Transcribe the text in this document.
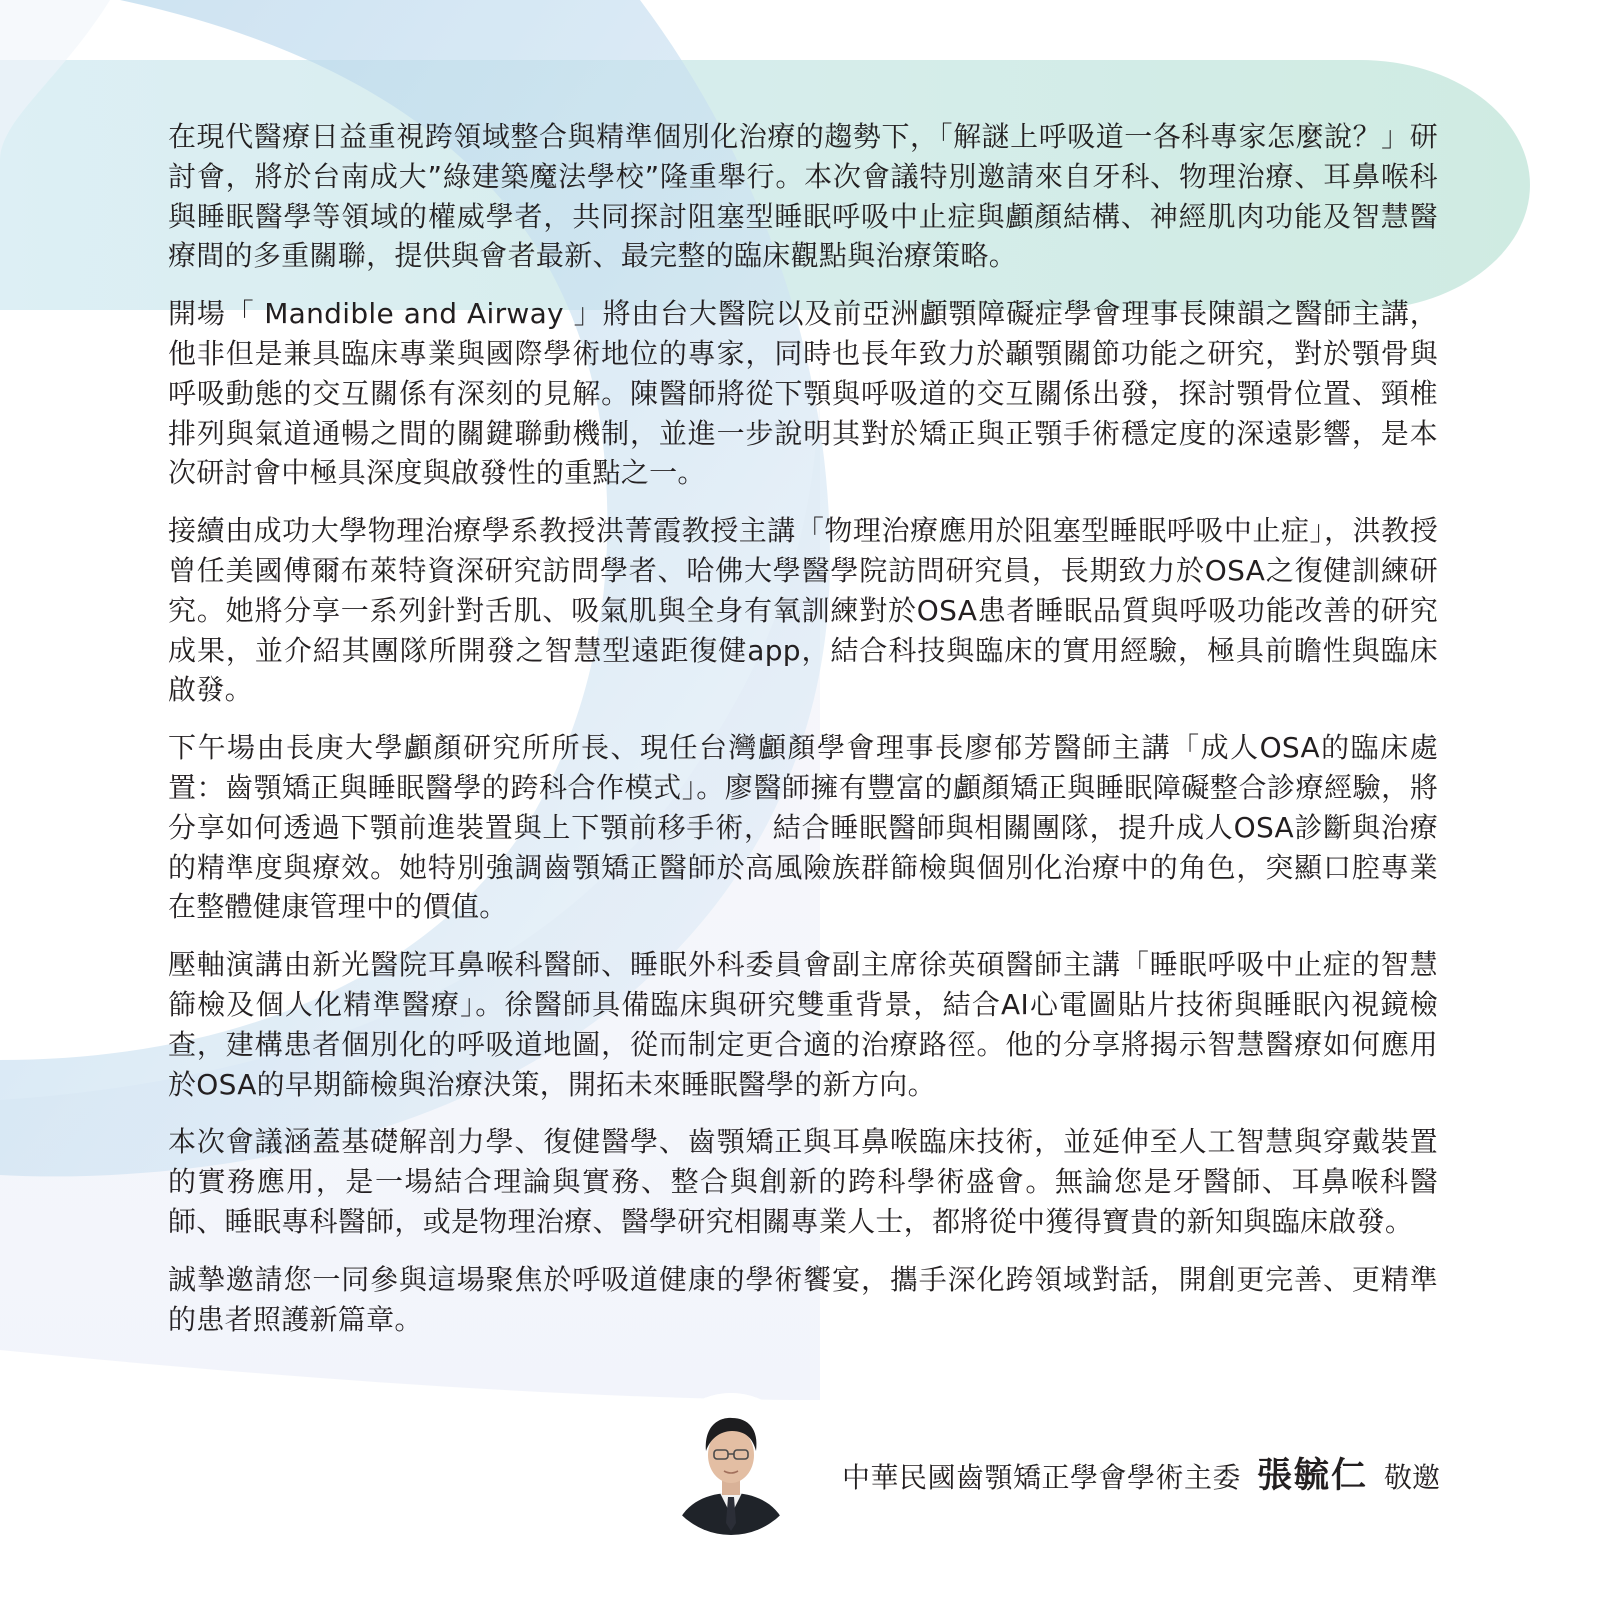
在現代醫療日益重視跨領域整合與精準個別化治療的趨勢下，「解謎上呼吸道一各科專家怎麼說？」研討會，將於台南成大”綠建築魔法學校”隆重舉行。本次會議特別邀請來自牙科、物理治療、耳鼻喉科與睡眠醫學等領域的權威學者，共同探討阻塞型睡眠呼吸中止症與顱顏結構、神經肌肉功能及智慧醫療間的多重關聯，提供與會者最新、最完整的臨床觀點與治療策略。

開場「 Mandible and Airway 」將由台大醫院以及前亞洲顱顎障礙症學會理事長陳韻之醫師主講，他非但是兼具臨床專業與國際學術地位的專家，同時也長年致力於顳顎關節功能之研究，對於顎骨與呼吸動態的交互關係有深刻的見解。陳醫師將從下顎與呼吸道的交互關係出發，探討顎骨位置、頸椎排列與氣道通暢之間的關鍵聯動機制，並進一步說明其對於矯正與正顎手術穩定度的深遠影響，是本次研討會中極具深度與啟發性的重點之一。

接續由成功大學物理治療學系教授洪菁霞教授主講「物理治療應用於阻塞型睡眠呼吸中止症」，洪教授曾任美國傅爾布萊特資深研究訪問學者、哈佛大學醫學院訪問研究員，長期致力於OSA之復健訓練研究。她將分享一系列針對舌肌、吸氣肌與全身有氧訓練對於OSA患者睡眠品質與呼吸功能改善的研究成果，並介紹其團隊所開發之智慧型遠距復健app，結合科技與臨床的實用經驗，極具前瞻性與臨床啟發。

下午場由長庚大學顱顏研究所所長、現任台灣顱顏學會理事長廖郁芳醫師主講「成人OSA的臨床處置：齒顎矯正與睡眠醫學的跨科合作模式」。廖醫師擁有豐富的顱顏矯正與睡眠障礙整合診療經驗，將分享如何透過下顎前進裝置與上下顎前移手術，結合睡眠醫師與相關團隊，提升成人OSA診斷與治療的精準度與療效。她特別強調齒顎矯正醫師於高風險族群篩檢與個別化治療中的角色，突顯口腔專業在整體健康管理中的價值。

壓軸演講由新光醫院耳鼻喉科醫師、睡眠外科委員會副主席徐英碩醫師主講「睡眠呼吸中止症的智慧篩檢及個人化精準醫療」。徐醫師具備臨床與研究雙重背景，結合AI心電圖貼片技術與睡眠內視鏡檢查，建構患者個別化的呼吸道地圖，從而制定更合適的治療路徑。他的分享將揭示智慧醫療如何應用於OSA的早期篩檢與治療決策，開拓未來睡眠醫學的新方向。

本次會議涵蓋基礎解剖力學、復健醫學、齒顎矯正與耳鼻喉臨床技術，並延伸至人工智慧與穿戴裝置的實務應用，是一場結合理論與實務、整合與創新的跨科學術盛會。無論您是牙醫師、耳鼻喉科醫師、睡眠專科醫師，或是物理治療、醫學研究相關專業人士，都將從中獲得寶貴的新知與臨床啟發。

誠摯邀請您一同參與這場聚焦於呼吸道健康的學術饗宴，攜手深化跨領域對話，開創更完善、更精準的患者照護新篇章。

中華民國齒顎矯正學會學術主委 張毓仁 敬邀
